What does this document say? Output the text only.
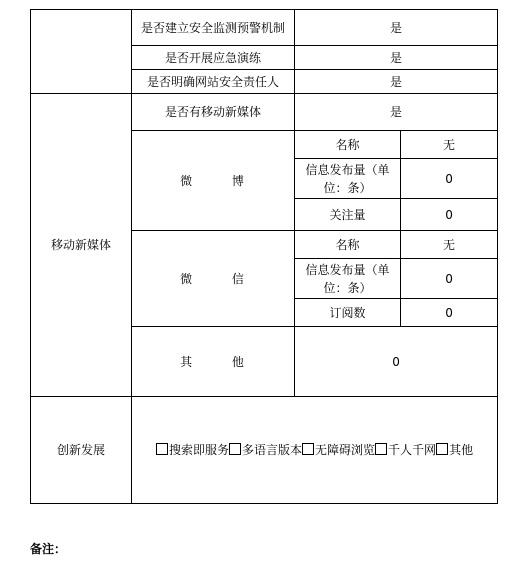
	是否建立安全监测预警机制	是	
	是否开展应急演练	是	
	是否明确网站安全责任人	是	
移动新媒体	是否有移动新媒体	是	
	微 博	名称	无
		信息发布量（单位：条）	0
		关注量	0
	微 信	名称	无
		信息发布量（单位：条）	0
		订阅数	0
	其 他	0	
创新发展	搜索即服务 多语言版本 无障碍浏览 千人千网 其他		
备注：
